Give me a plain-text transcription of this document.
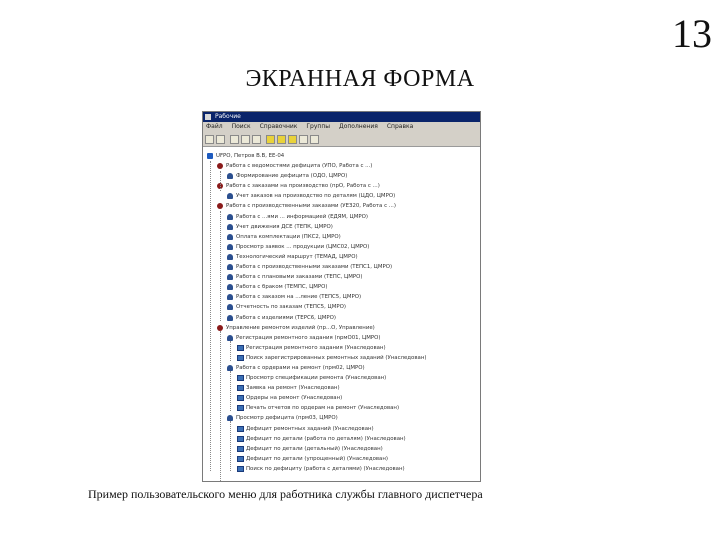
13
ЭКРАННАЯ ФОРМА
Рабочие
Файл Поиск Справочник Группы Дополнения Справка
UFPO, Петров В.В, ЕЕ-04
Работа с ведомостями дефицита (УПО, Работа с ...)
Формирование дефицита (ОДО, ЦМРО)
Работа с заказами на производство (прО, Работа с ...)
Учет заказов на производство по деталям (ЦДО, ЦМРО)
Работа с производственными заказами (УЕЗ20, Работа с ...)
Работа с ...ями ... информацией (ЕДЯМ, ЦМРО)
Учет движения ДСЕ (ТЕПК, ЦМРО)
Оплата комплектации (ПКС2, ЦМРО)
Просмотр заявок ... продукции (ЦМС02, ЦМРО)
Технологический маршрут (ТЕМАД, ЦМРО)
Работа с производственными заказами (ТЕПС1, ЦМРО)
Работа с плановыми заказами (ТЕПС, ЦМРО)
Работа с браком (ТЕМПС, ЦМРО)
Работа с заказом на ...ление (ТЕПС5, ЦМРО)
Отчетность по заказам (ТЕПС5, ЦМРО)
Работа с изделиями (ТЕРС6, ЦМРО)
Управление ремонтом изделий (пр...О, Управление)
Регистрация ремонтного задания (nрмО01, ЦМРО)
Регистрация ремонтного задания (Унаследован)
Поиск зарегистрированных ремонтных заданий (Унаследован)
Работа с ордерами на ремонт (прм02, ЦМРО)
Просмотр спецификации ремонта (Унаследован)
Заявка на ремонт (Унаследован)
Ордеры на ремонт (Унаследован)
Печать отчетов по ордерам на ремонт (Унаследован)
Просмотр дефицита (прм03, ЦМРО)
Дефицит ремонтных заданий (Унаследован)
Дефицит по детали (работа по деталям) (Унаследован)
Дефицит по детали (детальный) (Унаследован)
Дефицит по детали (упрощенный) (Унаследован)
Поиск по дефициту (работа с деталями) (Унаследован)
Пример пользовательского меню для работника службы главного диспетчера
